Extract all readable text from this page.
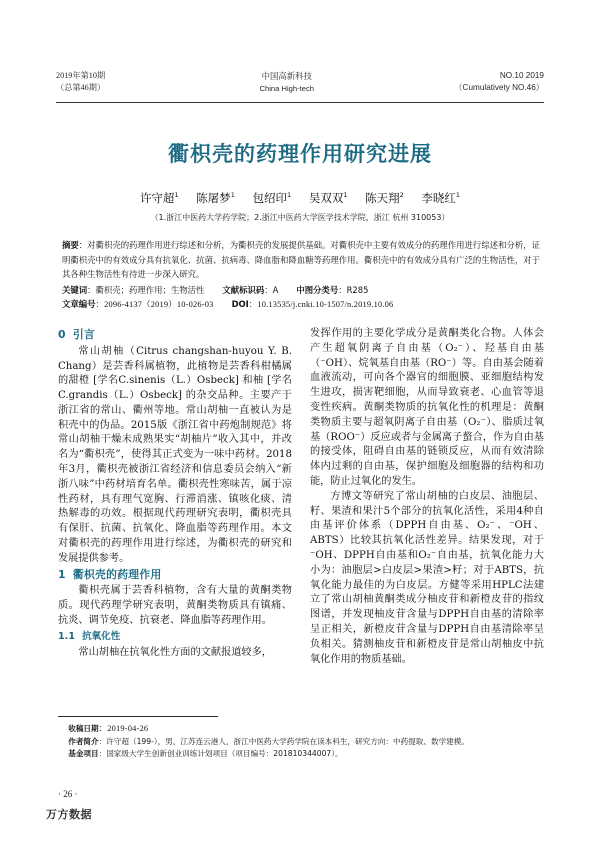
2019年第10期
（总第46期）
中国高新科技
China High-tech
NO.10 2019
（Cumulativety NO.46）
衢枳壳的药理作用研究进展
许守超$^1$ 陈屠梦$^1$ 包绍印$^1$ 吴双双$^1$ 陈天翔$^2$ 李晓红$^1$
（1.浙江中医药大学药学院；2.浙江中医药大学医学技术学院，浙江 杭州 310053）

摘要：对衢枳壳的药理作用进行综述和分析，为衢枳壳的发展提供基础。对衢枳壳中主要有效成分的药理作用进行综述和分析，证明衢枳壳中的有效成分具有抗氧化、抗菌、抗病毒、降血脂和降血糖等药理作用。衢枳壳中的有效成分具有广泛的生物活性，对于其各种生物活性有待进一步深入研究。

关键词：衢枳壳；药理作用；生物活性 文献标识码：A 中图分类号：R285

文章编号：2096-4137（2019）10-026-03 DOI：10.13535/j.cnki.10-1507/n.2019.10.06

0 引言

常山胡柚（Citrus changshan-huyou Y. B. Chang）是芸香科属植物，此植物是芸香科柑橘属的甜橙 [学名C.sinenis（L.）Osbeck] 和柚 [学名C.grandis（L.）Osbeck] 的杂交品种。主要产于浙江省的常山、衢州等地。常山胡柚一直被认为是积壳中的伪品。2015版《浙江省中药炮制规范》将常山胡柚干燥未成熟果实“胡柚片”收入其中，并改名为“衢枳壳”，使得其正式变为一味中药材。2018年3月，衢枳壳被浙江省经济和信息委员会纳入“新浙八味”中药材培育名单。衢枳壳性寒味苦，属于凉性药材，具有理气宽胸、行滞消涨、镇咳化痰、清热解毒的功效。根据现代药理研究表明，衢枳壳具有保肝、抗菌、抗氧化、降血脂等药理作用。本文对衢枳壳的药理作用进行综述，为衢枳壳的研究和发展提供参考。

1 衢枳壳的药理作用

衢枳壳属于芸香科植物，含有大量的黄酮类物质。现代药理学研究表明，黄酮类物质具有镇痛、抗炎、调节免疫、抗衰老、降血脂等药理作用。

1.1 抗氧化性

常山胡柚在抗氧化性方面的文献报道较多，

发挥作用的主要化学成分是黄酮类化合物。人体会产生超氧阴离子自由基（O₂⁻）、羟基自由基（⁻OH）、烷氧基自由基（RO⁻）等。自由基会随着血液流动，可向各个器官的细胞膜、亚细胞结构发生进攻，损害靶细胞，从而导致衰老、心血管等退变性疾病。黄酮类物质的抗氧化性的机理是：黄酮类物质主要与超氧阴离子自由基（O₂⁻）、脂质过氧基（ROO⁻）反应或者与金属离子螯合，作为自由基的接受体，阻碍自由基的链锁反应，从而有效清除体内过剩的自由基，保护细胞及细胞器的结构和功能，防止过氧化的发生。

方博文等研究了常山胡柚的白皮层、油胞层、籽、果渣和果汁5个部分的抗氧化活性，采用4种自由基评价体系（DPPH自由基、O₂⁻、⁻OH、ABTS）比较其抗氧化活性差异。结果发现，对于⁻OH、DPPH自由基和O₂⁻自由基，抗氧化能力大小为：油胞层>白皮层>果渣>籽；对于ABTS，抗氧化能力最佳的为白皮层。方健等采用HPLC法建立了常山胡柚黄酮类成分柚皮苷和新橙皮苷的指纹图谱，并发现柚皮苷含量与DPPH自由基的清除率呈正相关，新橙皮苷含量与DPPH自由基清除率呈负相关。猜测柚皮苷和新橙皮苷是常山胡柚皮中抗氧化作用的物质基础。

收稿日期：2019-04-26

作者简介：许守超（199-），男，江苏连云港人，浙江中医药大学药学院在读本科生，研究方向：中药提取、数学建模。

基金项目：国家级大学生创新创业训练计划项目（项目编号：201810344007）。

· 26 ·
万方数据
